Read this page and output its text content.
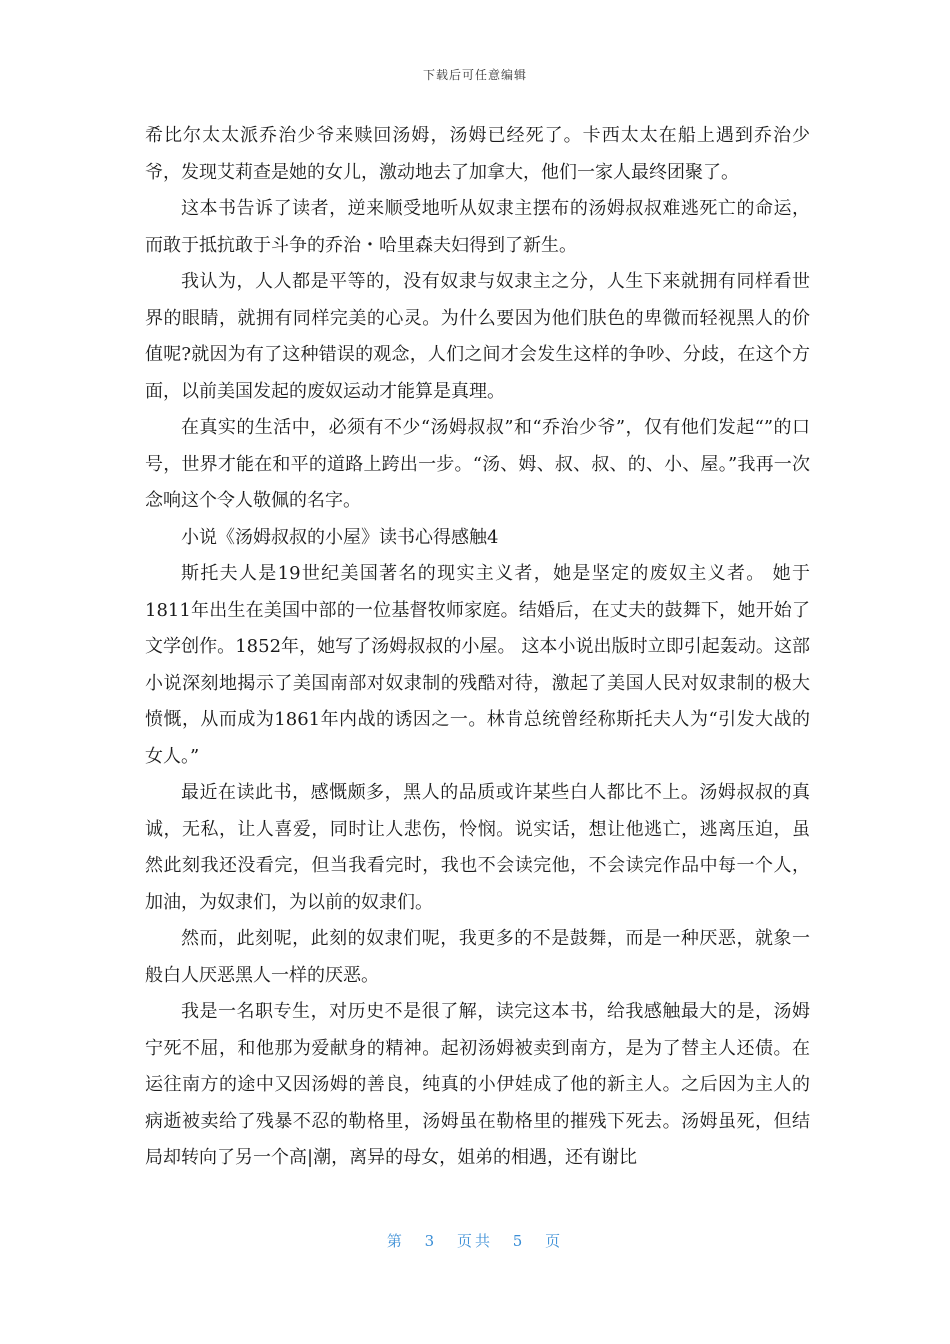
下载后可任意编辑

希比尔太太派乔治少爷来赎回汤姆，汤姆已经死了。卡西太太在船上遇到乔治少爷，发现艾莉查是她的女儿，激动地去了加拿大，他们一家人最终团聚了。

这本书告诉了读者，逆来顺受地听从奴隶主摆布的汤姆叔叔难逃死亡的命运，而敢于抵抗敢于斗争的乔治・哈里森夫妇得到了新生。

我认为，人人都是平等的，没有奴隶与奴隶主之分，人生下来就拥有同样看世界的眼睛，就拥有同样完美的心灵。为什么要因为他们肤色的卑微而轻视黑人的价值呢?就因为有了这种错误的观念，人们之间才会发生这样的争吵、分歧，在这个方面，以前美国发起的废奴运动才能算是真理。

在真实的生活中，必须有不少“汤姆叔叔”和“乔治少爷”，仅有他们发起“”的口号，世界才能在和平的道路上跨出一步。“汤、姆、叔、叔、的、小、屋。”我再一次念响这个令人敬佩的名字。

小说《汤姆叔叔的小屋》读书心得感触4

斯托夫人是19世纪美国著名的现实主义者，她是坚定的废奴主义者。 她于1811年出生在美国中部的一位基督牧师家庭。结婚后，在丈夫的鼓舞下，她开始了文学创作。1852年，她写了汤姆叔叔的小屋。 这本小说出版时立即引起轰动。这部小说深刻地揭示了美国南部对奴隶制的残酷对待，激起了美国人民对奴隶制的极大愤慨，从而成为1861年内战的诱因之一。林肯总统曾经称斯托夫人为“引发大战的女人。”

最近在读此书，感慨颇多，黑人的品质或许某些白人都比不上。汤姆叔叔的真诚，无私，让人喜爱，同时让人悲伤，怜悯。说实话，想让他逃亡，逃离压迫，虽然此刻我还没看完，但当我看完时，我也不会读完他，不会读完作品中每一个人，加油，为奴隶们，为以前的奴隶们。

然而，此刻呢，此刻的奴隶们呢，我更多的不是鼓舞，而是一种厌恶，就象一般白人厌恶黑人一样的厌恶。

我是一名职专生，对历史不是很了解，读完这本书，给我感触最大的是，汤姆宁死不屈，和他那为爱献身的精神。起初汤姆被卖到南方，是为了替主人还债。在运往南方的途中又因汤姆的善良，纯真的小伊娃成了他的新主人。之后因为主人的病逝被卖给了残暴不忍的勒格里，汤姆虽在勒格里的摧残下死去。汤姆虽死，但结局却转向了另一个高|潮，离异的母女，姐弟的相遇，还有谢比

第 3 页共 5 页
